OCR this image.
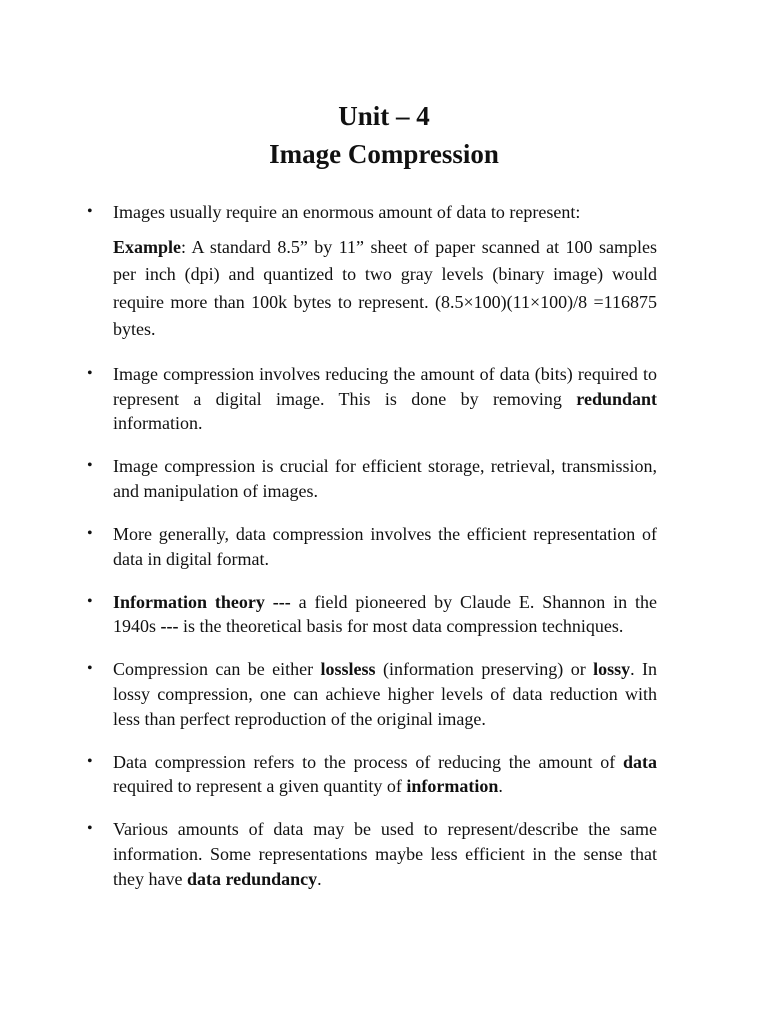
Unit – 4
Image Compression
• Images usually require an enormous amount of data to represent:

Example: A standard 8.5” by 11” sheet of paper scanned at 100 samples per inch (dpi) and quantized to two gray levels (binary image) would require more than 100k bytes to represent. (8.5×100)(11×100)/8 =116875 bytes.

• Image compression involves reducing the amount of data (bits) required to represent a digital image. This is done by removing redundant information.

• Image compression is crucial for efficient storage, retrieval, transmission, and manipulation of images.

• More generally, data compression involves the efficient representation of data in digital format.

• Information theory --- a field pioneered by Claude E. Shannon in the 1940s --- is the theoretical basis for most data compression techniques.

• Compression can be either lossless (information preserving) or lossy. In lossy compression, one can achieve higher levels of data reduction with less than perfect reproduction of the original image.

• Data compression refers to the process of reducing the amount of data required to represent a given quantity of information.

• Various amounts of data may be used to represent/describe the same information. Some representations maybe less efficient in the sense that they have data redundancy.
